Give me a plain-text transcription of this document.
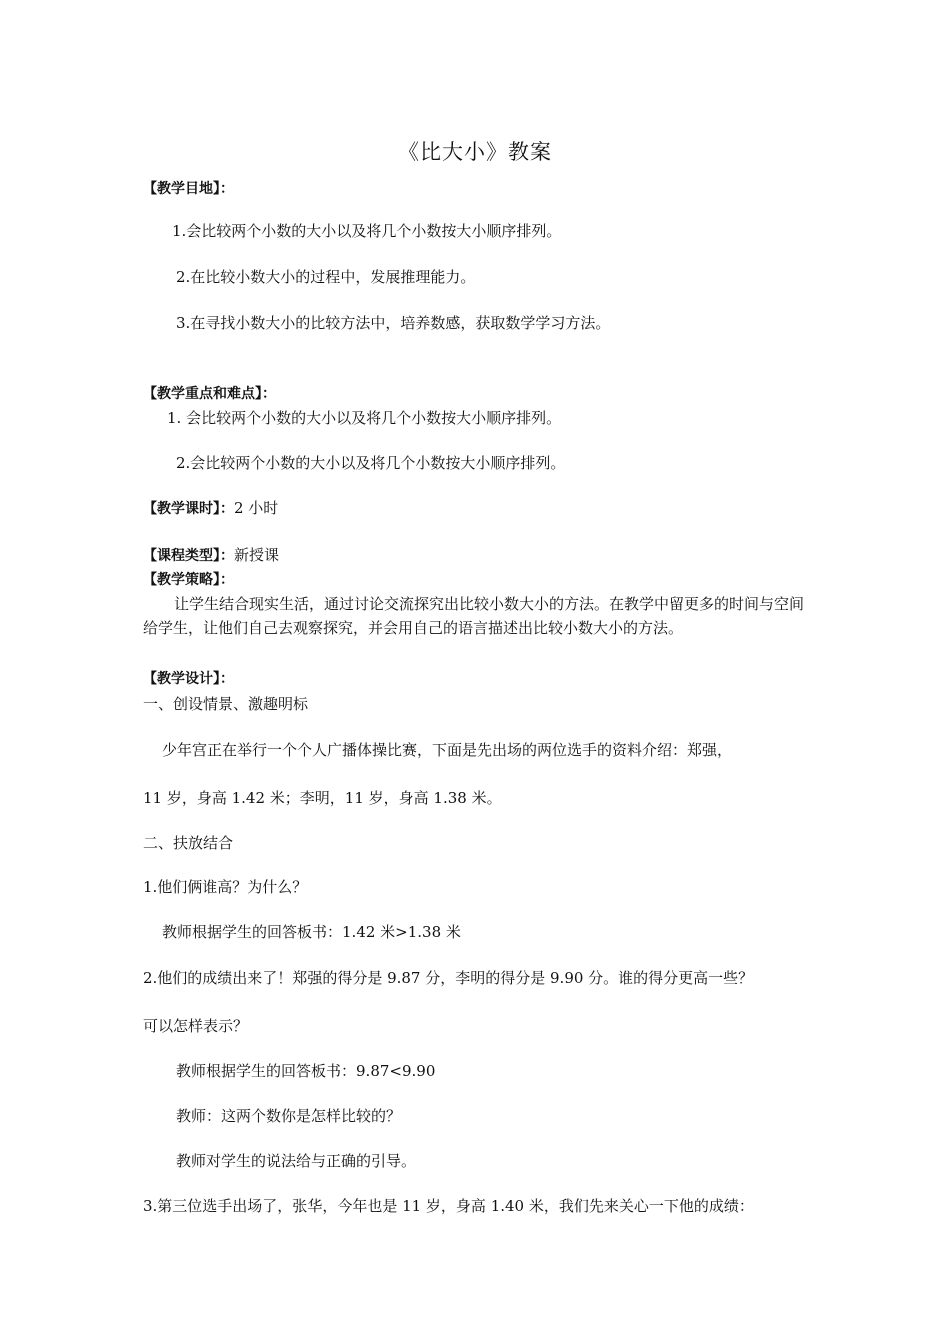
《比大小》教案
【教学目地】：
1.会比较两个小数的大小以及将几个小数按大小顺序排列。
2.在比较小数大小的过程中，发展推理能力。
3.在寻找小数大小的比较方法中，培养数感，获取数学学习方法。
【教学重点和难点】：
1. 会比较两个小数的大小以及将几个小数按大小顺序排列。
2.会比较两个小数的大小以及将几个小数按大小顺序排列。
【教学课时】：2 小时
【课程类型】：新授课
【教学策略】：
让学生结合现实生活，通过讨论交流探究出比较小数大小的方法。在教学中留更多的时间与空间给学生，让他们自己去观察探究，并会用自己的语言描述出比较小数大小的方法。
【教学设计】：
一、创设情景、激趣明标
少年宫正在举行一个个人广播体操比赛，下面是先出场的两位选手的资料介绍：郑强，
11 岁，身高 1.42 米；李明，11 岁，身高 1.38 米。
二、扶放结合
1.他们俩谁高？为什么？
教师根据学生的回答板书：1.42 米>1.38 米
2.他们的成绩出来了！郑强的得分是 9.87 分，李明的得分是 9.90 分。谁的得分更高一些？
可以怎样表示？
教师根据学生的回答板书：9.87<9.90
教师：这两个数你是怎样比较的？
教师对学生的说法给与正确的引导。
3.第三位选手出场了，张华，今年也是 11 岁，身高 1.40 米，我们先来关心一下他的成绩：
